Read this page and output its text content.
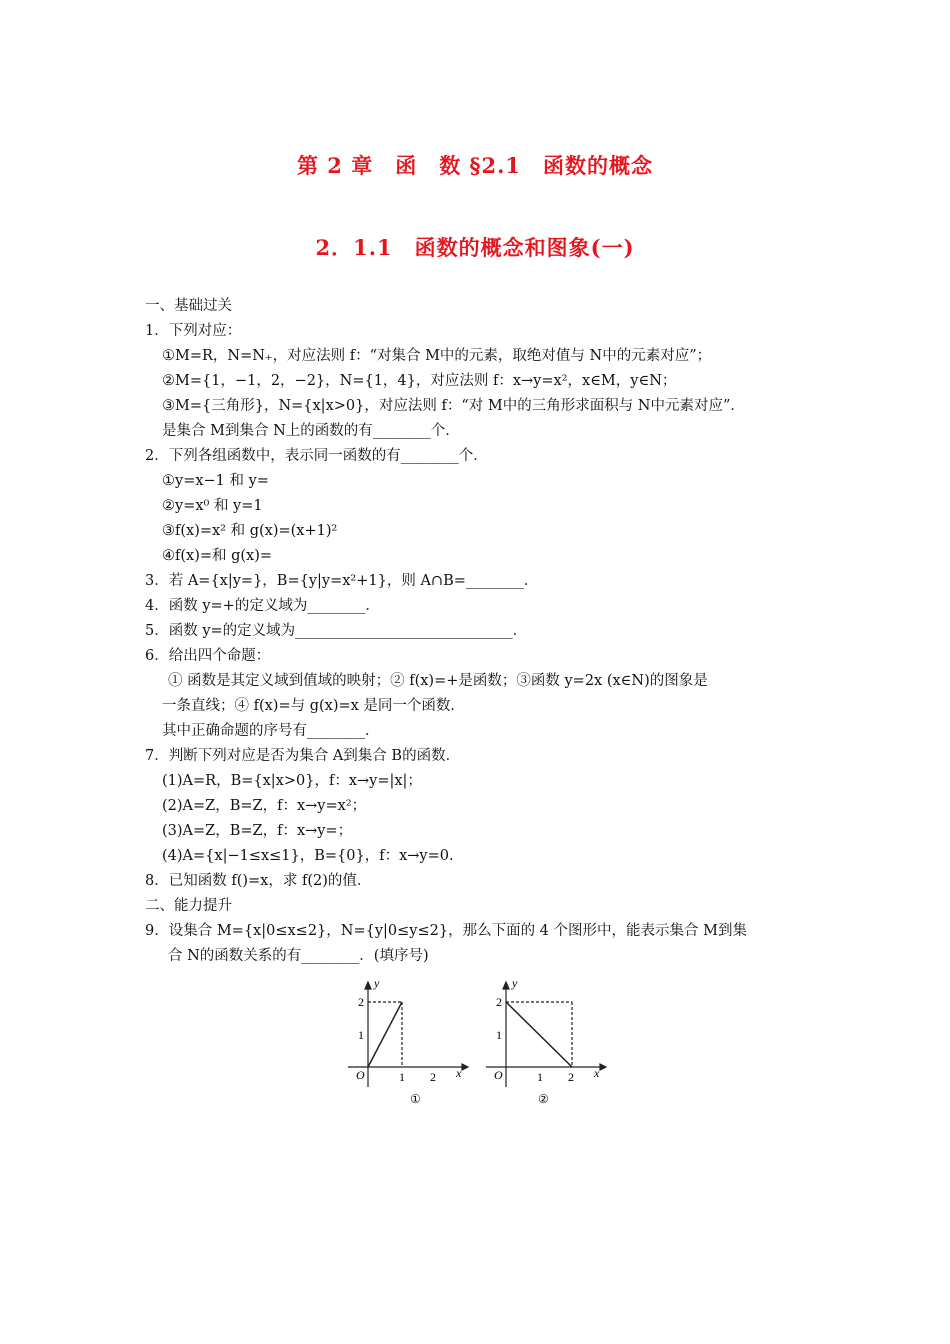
第 2 章　函　数 §2.1　函数的概念
2．1.1　函数的概念和图象(一)
一、基础过关
1．下列对应：
①M=R，N=N₊，对应法则 f：“对集合 M中的元素，取绝对值与 N中的元素对应”；
②M={1，−1，2，−2}，N={1，4}，对应法则 f：x→y=x²，x∈M，y∈N；
③M={三角形}，N={x|x>0}，对应法则 f：“对 M中的三角形求面积与 N中元素对应”．
是集合 M到集合 N上的函数的有________个．
2．下列各组函数中，表示同一函数的有________个．
①y=x−1 和 y=
②y=x⁰ 和 y=1
③f(x)=x² 和 g(x)=(x+1)²
④f(x)=和 g(x)=
3．若 A={x|y=}，B={y|y=x²+1}，则 A∩B=________．
4．函数 y=+的定义域为________．
5．函数 y=的定义域为______________________________．
6．给出四个命题：
① 函数是其定义域到值域的映射；② f(x)=+是函数；③函数 y=2x (x∈N)的图象是
一条直线；④ f(x)=与 g(x)=x 是同一个函数．
其中正确命题的序号有________．
7．判断下列对应是否为集合 A到集合 B的函数．
(1)A=R，B={x|x>0}，f：x→y=|x|；
(2)A=Z，B=Z，f：x→y=x²；
(3)A=Z，B=Z，f：x→y=；
(4)A={x|−1≤x≤1}，B={0}，f：x→y=0.
8．已知函数 f()=x，求 f(2)的值．
二、能力提升
9．设集合 M={x|0≤x≤2}，N={y|0≤y≤2}，那么下面的 4 个图形中，能表示集合 M到集
合 N的函数关系的有________．(填序号)
y
x
O	1 2
1
2
①
y
x
O	1 2
1
2
②
